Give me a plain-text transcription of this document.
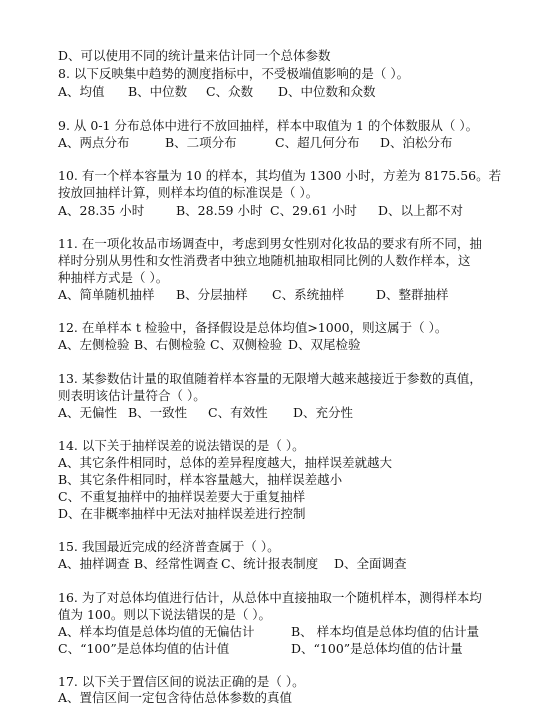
D、可以使用不同的统计量来估计同一个总体参数
8. 以下反映集中趋势的测度指标中，不受极端值影响的是（ ）。
A、均值	B、中位数	C、众数	D、中位数和众数
9. 从 0-1 分布总体中进行不放回抽样，样本中取值为 1 的个体数服从（ ）。
A、两点分布	B、二项分布	C、超几何分布	D、泊松分布
10. 有一个样本容量为 10 的样本，其均值为 1300 小时，方差为 8175.56。若
按放回抽样计算，则样本均值的标准误是（ ）。
A、28.35 小时	B、28.59 小时 C、29.61 小时	D、以上都不对
11. 在一项化妆品市场调查中，考虑到男女性别对化妆品的要求有所不同，抽
样时分别从男性和女性消费者中独立地随机抽取相同比例的人数作样本，这
种抽样方式是（ ）。
A、简单随机抽样	B、分层抽样	C、系统抽样	D、整群抽样
12. 在单样本 t 检验中，备择假设是总体均值>1000，则这属于（ ）。
A、左侧检验 B、右侧检验 C、双侧检验 D、双尾检验
13. 某参数估计量的取值随着样本容量的无限增大越来越接近于参数的真值，
则表明该估计量符合（ ）。
A、无偏性 B、一致性	C、有效性	D、充分性
14. 以下关于抽样误差的说法错误的是（ ）。
A、其它条件相同时，总体的差异程度越大，抽样误差就越大
B、其它条件相同时，样本容量越大，抽样误差越小
C、不重复抽样中的抽样误差要大于重复抽样
D、在非概率抽样中无法对抽样误差进行控制
15. 我国最近完成的经济普查属于（ ）。
A、抽样调查 B、经常性调查 C、统计报表制度	D、全面调查
16. 为了对总体均值进行估计，从总体中直接抽取一个随机样本，测得样本均
值为 100。则以下说法错误的是（ ）。
A、样本均值是总体均值的无偏估计	B、 样本均值是总体均值的估计量
C、“100”是总体均值的估计值	D、“100”是总体均值的估计量
17. 以下关于置信区间的说法正确的是（ ）。
A、置信区间一定包含待估总体参数的真值
